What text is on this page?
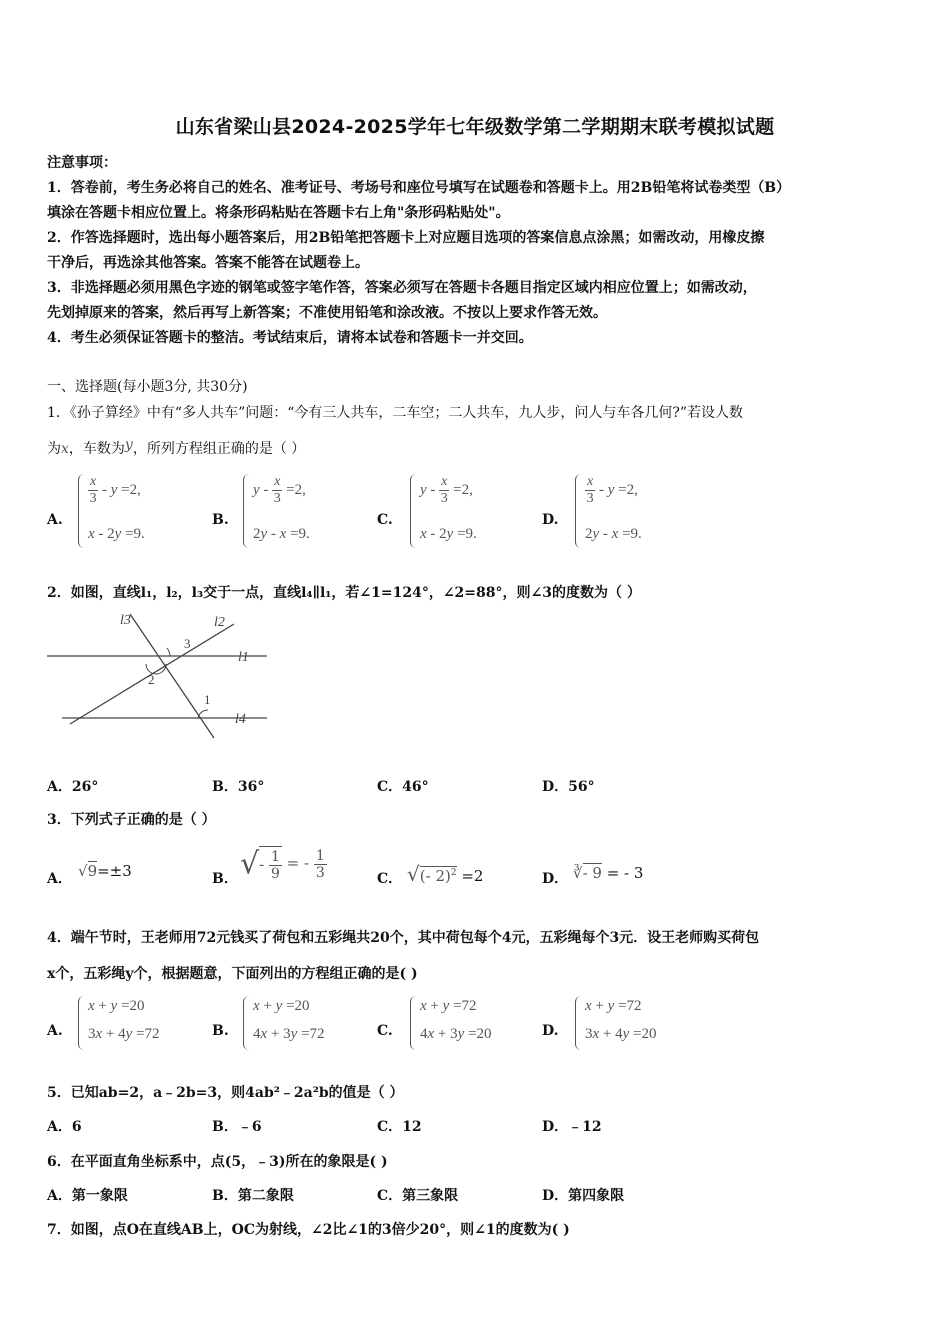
山东省梁山县2024-2025学年七年级数学第二学期期末联考模拟试题
注意事项：
1．答卷前，考生务必将自己的姓名、准考证号、考场号和座位号填写在试题卷和答题卡上。用2B铅笔将试卷类型（B）
填涂在答题卡相应位置上。将条形码粘贴在答题卡右上角"条形码粘贴处"。
2．作答选择题时，选出每小题答案后，用2B铅笔把答题卡上对应题目选项的答案信息点涂黑；如需改动，用橡皮擦
干净后，再选涂其他答案。答案不能答在试题卷上。
3．非选择题必须用黑色字迹的钢笔或签字笔作答，答案必须写在答题卡各题目指定区域内相应位置上；如需改动，
先划掉原来的答案，然后再写上新答案；不准使用铅笔和涂改液。不按以上要求作答无效。
4．考生必须保证答题卡的整洁。考试结束后，请将本试卷和答题卡一并交回。
一、选择题(每小题3分, 共30分)
1．《孙子算经》中有“多人共车”问题：“今有三人共车，二车空；二人共车，九人步，问人与车各几何?”若设人数
为x，车数为y，所列方程组正确的是（ ）
A.
$\frac{x}{3} - y =2$,
x - 2y =9.
B.
$y - \frac{x}{3} =2$,
2y - x =9.
C.
$y - \frac{x}{3} =2$,
x - 2y =9.
D.
$\frac{x}{3} - y =2$,
2y - x =9.
2．如图，直线l₁，l₂，l₃交于一点，直线l₄∥l₁，若∠1=124°，∠2=88°，则∠3的度数为（ ）
l3	l2
l1
l4
3
2
1
A．26°	B．36°	C．46°	D．56°
3．下列式子正确的是（ ）
A． √9=±3	B． √- $\frac{1}{9}$ = - $\frac{1}{3}$	C． √(- 2)$^2$ =2	D． ∛- 9 = - 3
4．端午节时，王老师用72元钱买了荷包和五彩绳共20个，其中荷包每个4元，五彩绳每个3元．设王老师购买荷包
x个，五彩绳y个，根据题意，下面列出的方程组正确的是( )
A.
x + y =20
3x + 4y =72	B.
x + y =20
4x + 3y =72	C.
x + y =72
4x + 3y =20	D.
x + y =72
3x + 4y =20
5．已知ab=2，a﹣2b=3，则4ab²﹣2a²b的值是（ ）
A．6	B．﹣6	C．12	D．﹣12
6．在平面直角坐标系中，点(5，﹣3)所在的象限是( )
A．第一象限	B．第二象限	C．第三象限	D．第四象限
7．如图，点O在直线AB上，OC为射线，∠2比∠1的3倍少20°，则∠1的度数为( )
